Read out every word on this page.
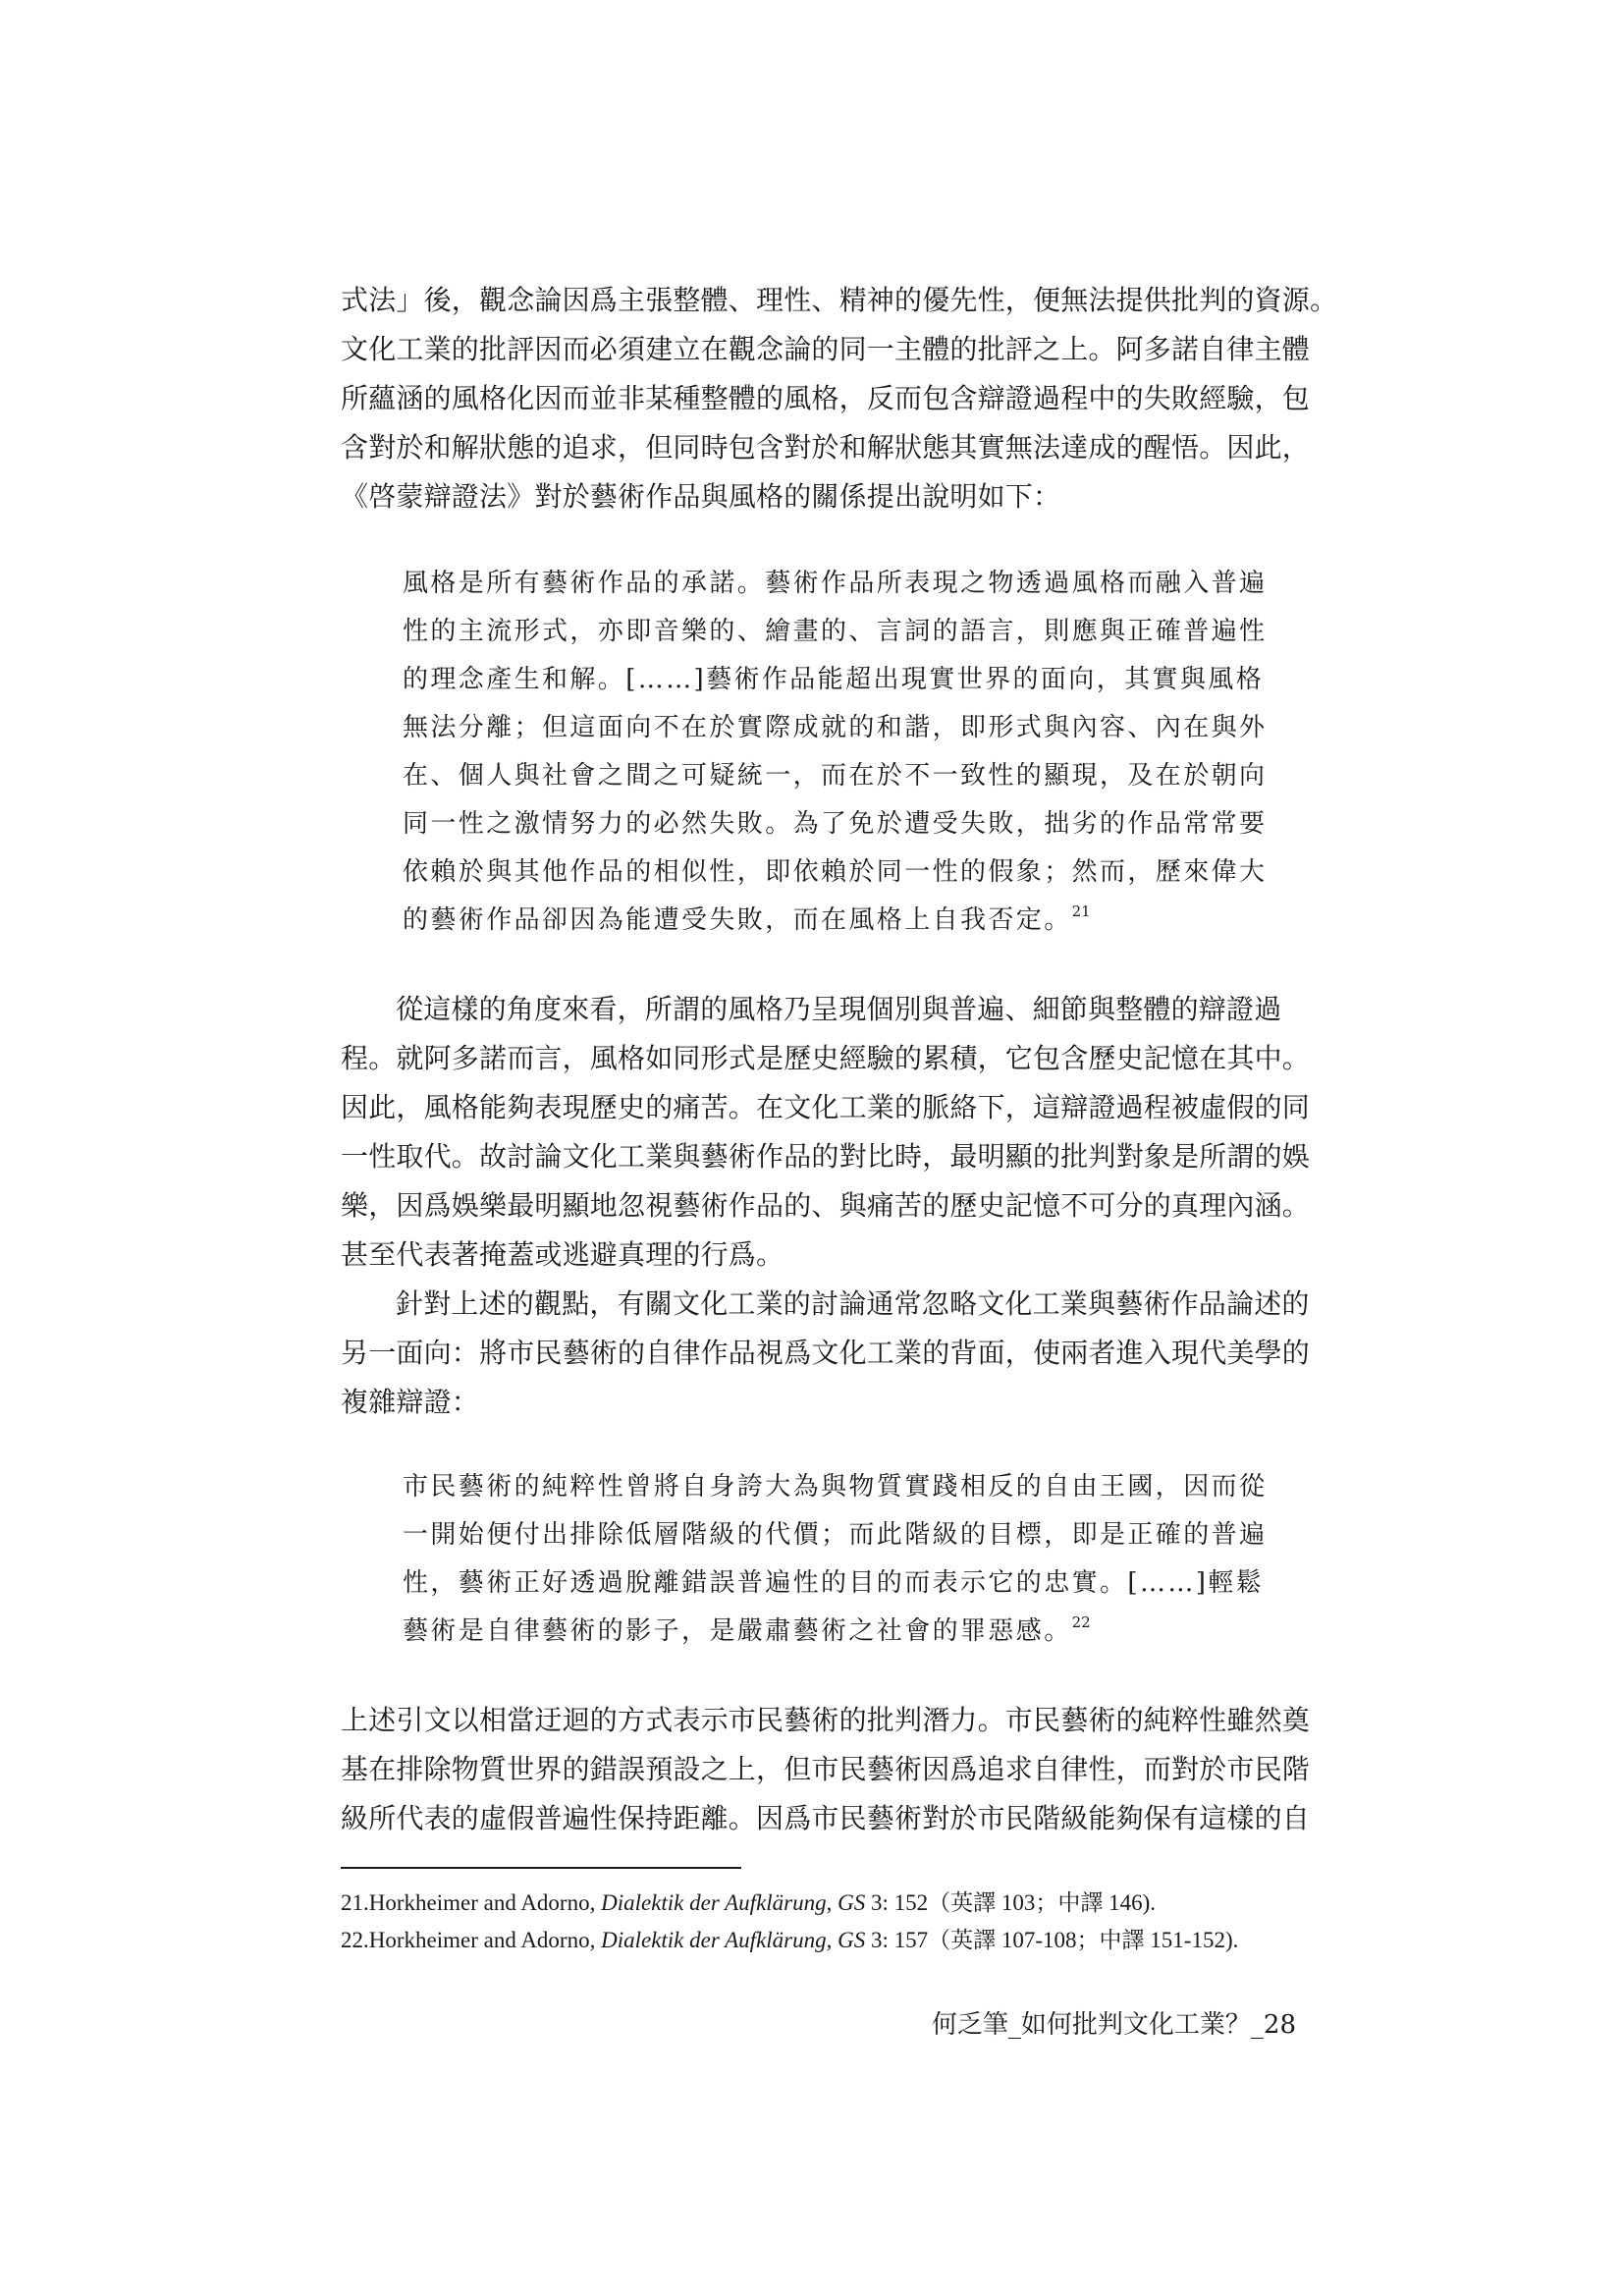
式法」後，觀念論因爲主張整體、理性、精神的優先性，便無法提供批判的資源。
文化工業的批評因而必須建立在觀念論的同一主體的批評之上。阿多諾自律主體
所蘊涵的風格化因而並非某種整體的風格，反而包含辯證過程中的失敗經驗，包
含對於和解狀態的追求，但同時包含對於和解狀態其實無法達成的醒悟。因此，
《啓蒙辯證法》對於藝術作品與風格的關係提出說明如下：
風格是所有藝術作品的承諾。藝術作品所表現之物透過風格而融入普遍
性的主流形式，亦即音樂的、繪畫的、言詞的語言，則應與正確普遍性
的理念產生和解。[……]藝術作品能超出現實世界的面向，其實與風格
無法分離；但這面向不在於實際成就的和諧，即形式與內容、內在與外
在、個人與社會之間之可疑統一，而在於不一致性的顯現，及在於朝向
同一性之激情努力的必然失敗。為了免於遭受失敗，拙劣的作品常常要
依賴於與其他作品的相似性，即依賴於同一性的假象；然而，歷來偉大
的藝術作品卻因為能遭受失敗，而在風格上自我否定。$^{21}$
從這樣的角度來看，所謂的風格乃呈現個別與普遍、細節與整體的辯證過
程。就阿多諾而言，風格如同形式是歷史經驗的累積，它包含歷史記憶在其中。
因此，風格能夠表現歷史的痛苦。在文化工業的脈絡下，這辯證過程被虛假的同
一性取代。故討論文化工業與藝術作品的對比時，最明顯的批判對象是所謂的娛
樂，因爲娛樂最明顯地忽視藝術作品的、與痛苦的歷史記憶不可分的真理內涵。
甚至代表著掩蓋或逃避真理的行爲。
針對上述的觀點，有關文化工業的討論通常忽略文化工業與藝術作品論述的
另一面向：將市民藝術的自律作品視爲文化工業的背面，使兩者進入現代美學的
複雜辯證：
市民藝術的純粹性曾將自身誇大為與物質實踐相反的自由王國，因而從
一開始便付出排除低層階級的代價；而此階級的目標，即是正確的普遍
性，藝術正好透過脫離錯誤普遍性的目的而表示它的忠實。[……]輕鬆
藝術是自律藝術的影子，是嚴肅藝術之社會的罪惡感。$^{22}$
上述引文以相當迂迴的方式表示市民藝術的批判潛力。市民藝術的純粹性雖然奠
基在排除物質世界的錯誤預設之上，但市民藝術因爲追求自律性，而對於市民階
級所代表的虛假普遍性保持距離。因爲市民藝術對於市民階級能夠保有這樣的自
21.Horkheimer and Adorno, Dialektik der Aufklärung, GS 3: 152（英譯 103；中譯 146).
22.Horkheimer and Adorno, Dialektik der Aufklärung, GS 3: 157（英譯 107-108；中譯 151-152).
何乏筆_如何批判文化工業？_28
